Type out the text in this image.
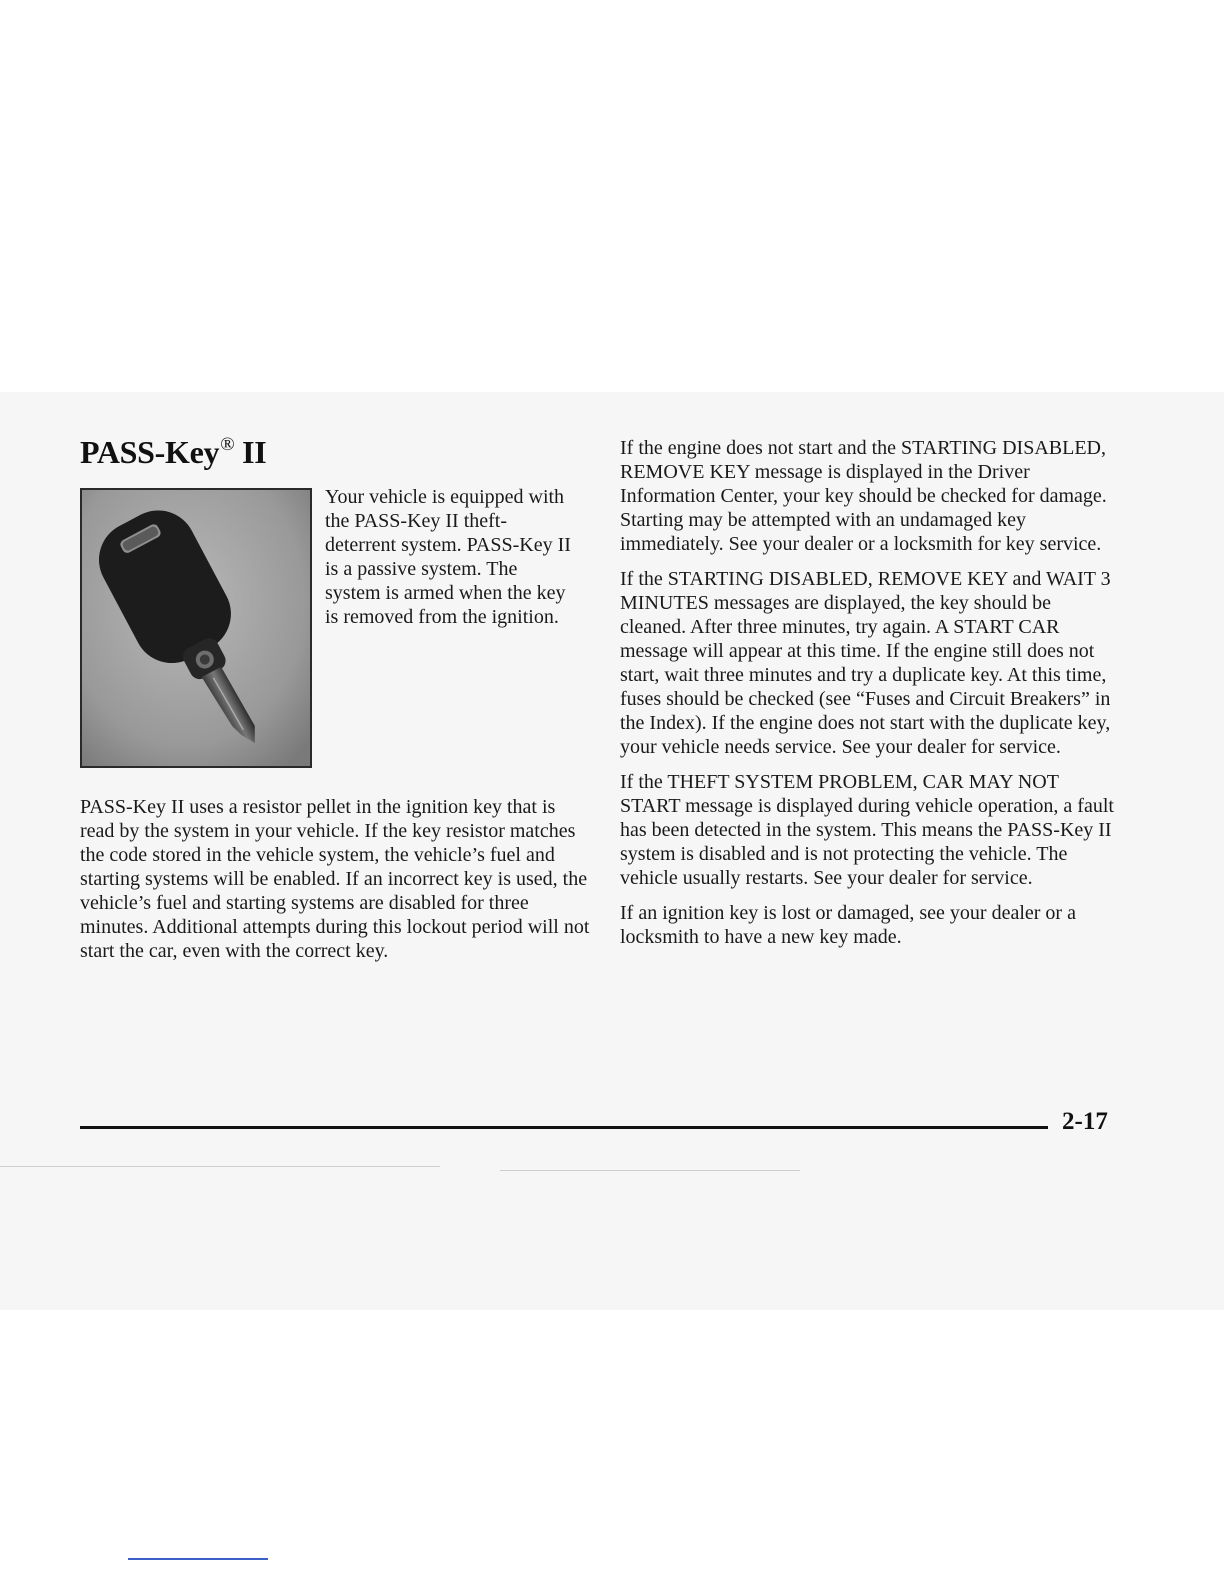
PASS-Key® II

Your vehicle is equipped with the PASS-Key II theft-deterrent system. PASS-Key II is a passive system. The system is armed when the key is removed from the ignition.

PASS-Key II uses a resistor pellet in the ignition key that is read by the system in your vehicle. If the key resistor matches the code stored in the vehicle system, the vehicle’s fuel and starting systems will be enabled. If an incorrect key is used, the vehicle’s fuel and starting systems are disabled for three minutes. Additional attempts during this lockout period will not start the car, even with the correct key.

If the engine does not start and the STARTING DISABLED, REMOVE KEY message is displayed in the Driver Information Center, your key should be checked for damage. Starting may be attempted with an undamaged key immediately. See your dealer or a locksmith for key service.

If the STARTING DISABLED, REMOVE KEY and WAIT 3 MINUTES messages are displayed, the key should be cleaned. After three minutes, try again. A START CAR message will appear at this time. If the engine still does not start, wait three minutes and try a duplicate key. At this time, fuses should be checked (see “Fuses and Circuit Breakers” in the Index). If the engine does not start with the duplicate key, your vehicle needs service. See your dealer for service.

If the THEFT SYSTEM PROBLEM, CAR MAY NOT START message is displayed during vehicle operation, a fault has been detected in the system. This means the PASS-Key II system is disabled and is not protecting the vehicle. The vehicle usually restarts. See your dealer for service.

If an ignition key is lost or damaged, see your dealer or a locksmith to have a new key made.

2-17
